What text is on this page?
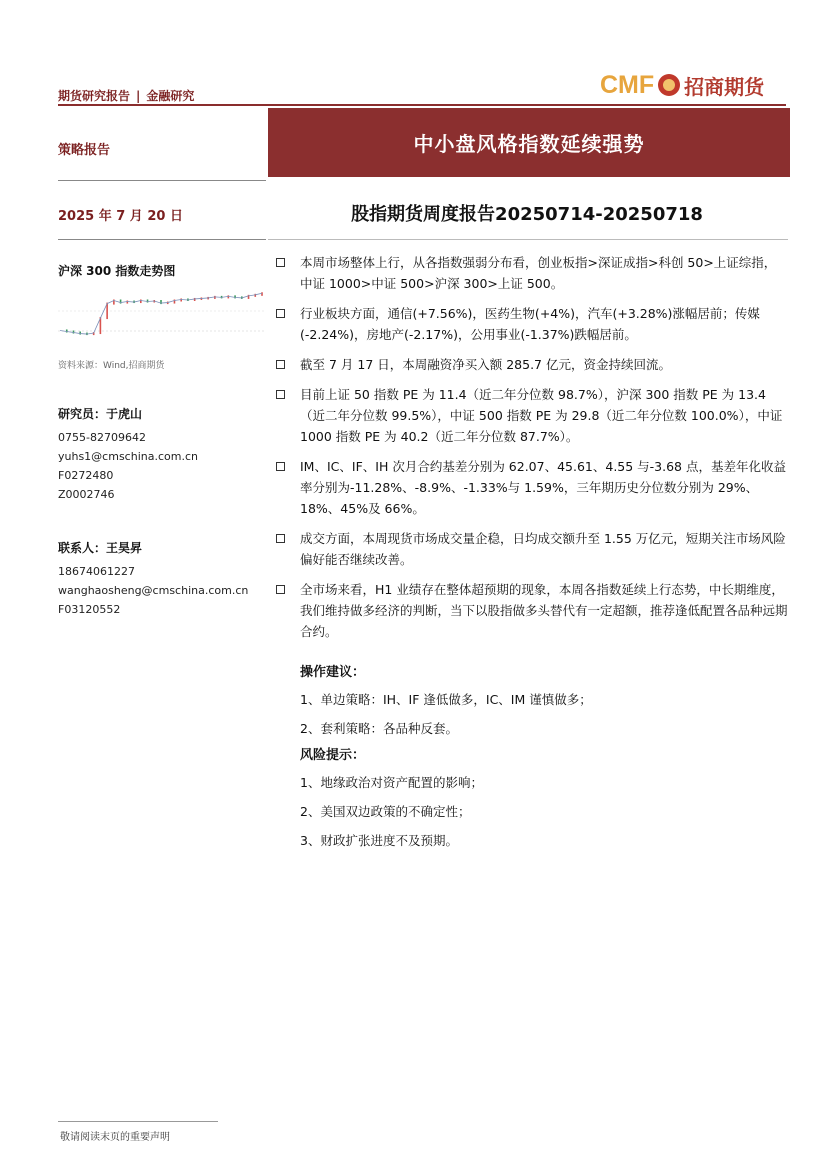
期货研究报告 | 金融研究	CMF 招商期货
策略报告	中小盘风格指数延续强势
2025 年 7 月 20 日	股指期货周度报告20250714-20250718
沪深 300 指数走势图
资料来源：Wind,招商期货
研究员：于虎山
0755-82709642
yuhs1@cmschina.com.cn
F0272480
Z0002746
联系人：王昊昇
18674061227
wanghaosheng@cmschina.com.cn
F03120552
本周市场整体上行，从各指数强弱分布看，创业板指>深证成指>科创 50>上证综指，中证 1000>中证 500>沪深 300>上证 500。
行业板块方面，通信(+7.56%)，医药生物(+4%)，汽车(+3.28%)涨幅居前；传媒(-2.24%)，房地产(-2.17%)，公用事业(-1.37%)跌幅居前。
截至 7 月 17 日，本周融资净买入额 285.7 亿元，资金持续回流。
目前上证 50 指数 PE 为 11.4（近二年分位数 98.7%），沪深 300 指数 PE 为 13.4（近二年分位数 99.5%），中证 500 指数 PE 为 29.8（近二年分位数 100.0%），中证 1000 指数 PE 为 40.2（近二年分位数 87.7%）。
IM、IC、IF、IH 次月合约基差分别为 62.07、45.61、4.55 与-3.68 点，基差年化收益率分别为-11.28%、-8.9%、-1.33%与 1.59%，三年期历史分位数分别为 29%、18%、45%及 66%。
成交方面，本周现货市场成交量企稳，日均成交额升至 1.55 万亿元，短期关注市场风险偏好能否继续改善。
全市场来看，H1 业绩存在整体超预期的现象，本周各指数延续上行态势，中长期维度，我们维持做多经济的判断，当下以股指做多头替代有一定超额，推荐逢低配置各品种远期合约。
操作建议：
1、单边策略：IH、IF 逢低做多，IC、IM 谨慎做多；
2、套利策略：各品种反套。
风险提示：
1、地缘政治对资产配置的影响；
2、美国双边政策的不确定性；
3、财政扩张进度不及预期。
敬请阅读末页的重要声明
